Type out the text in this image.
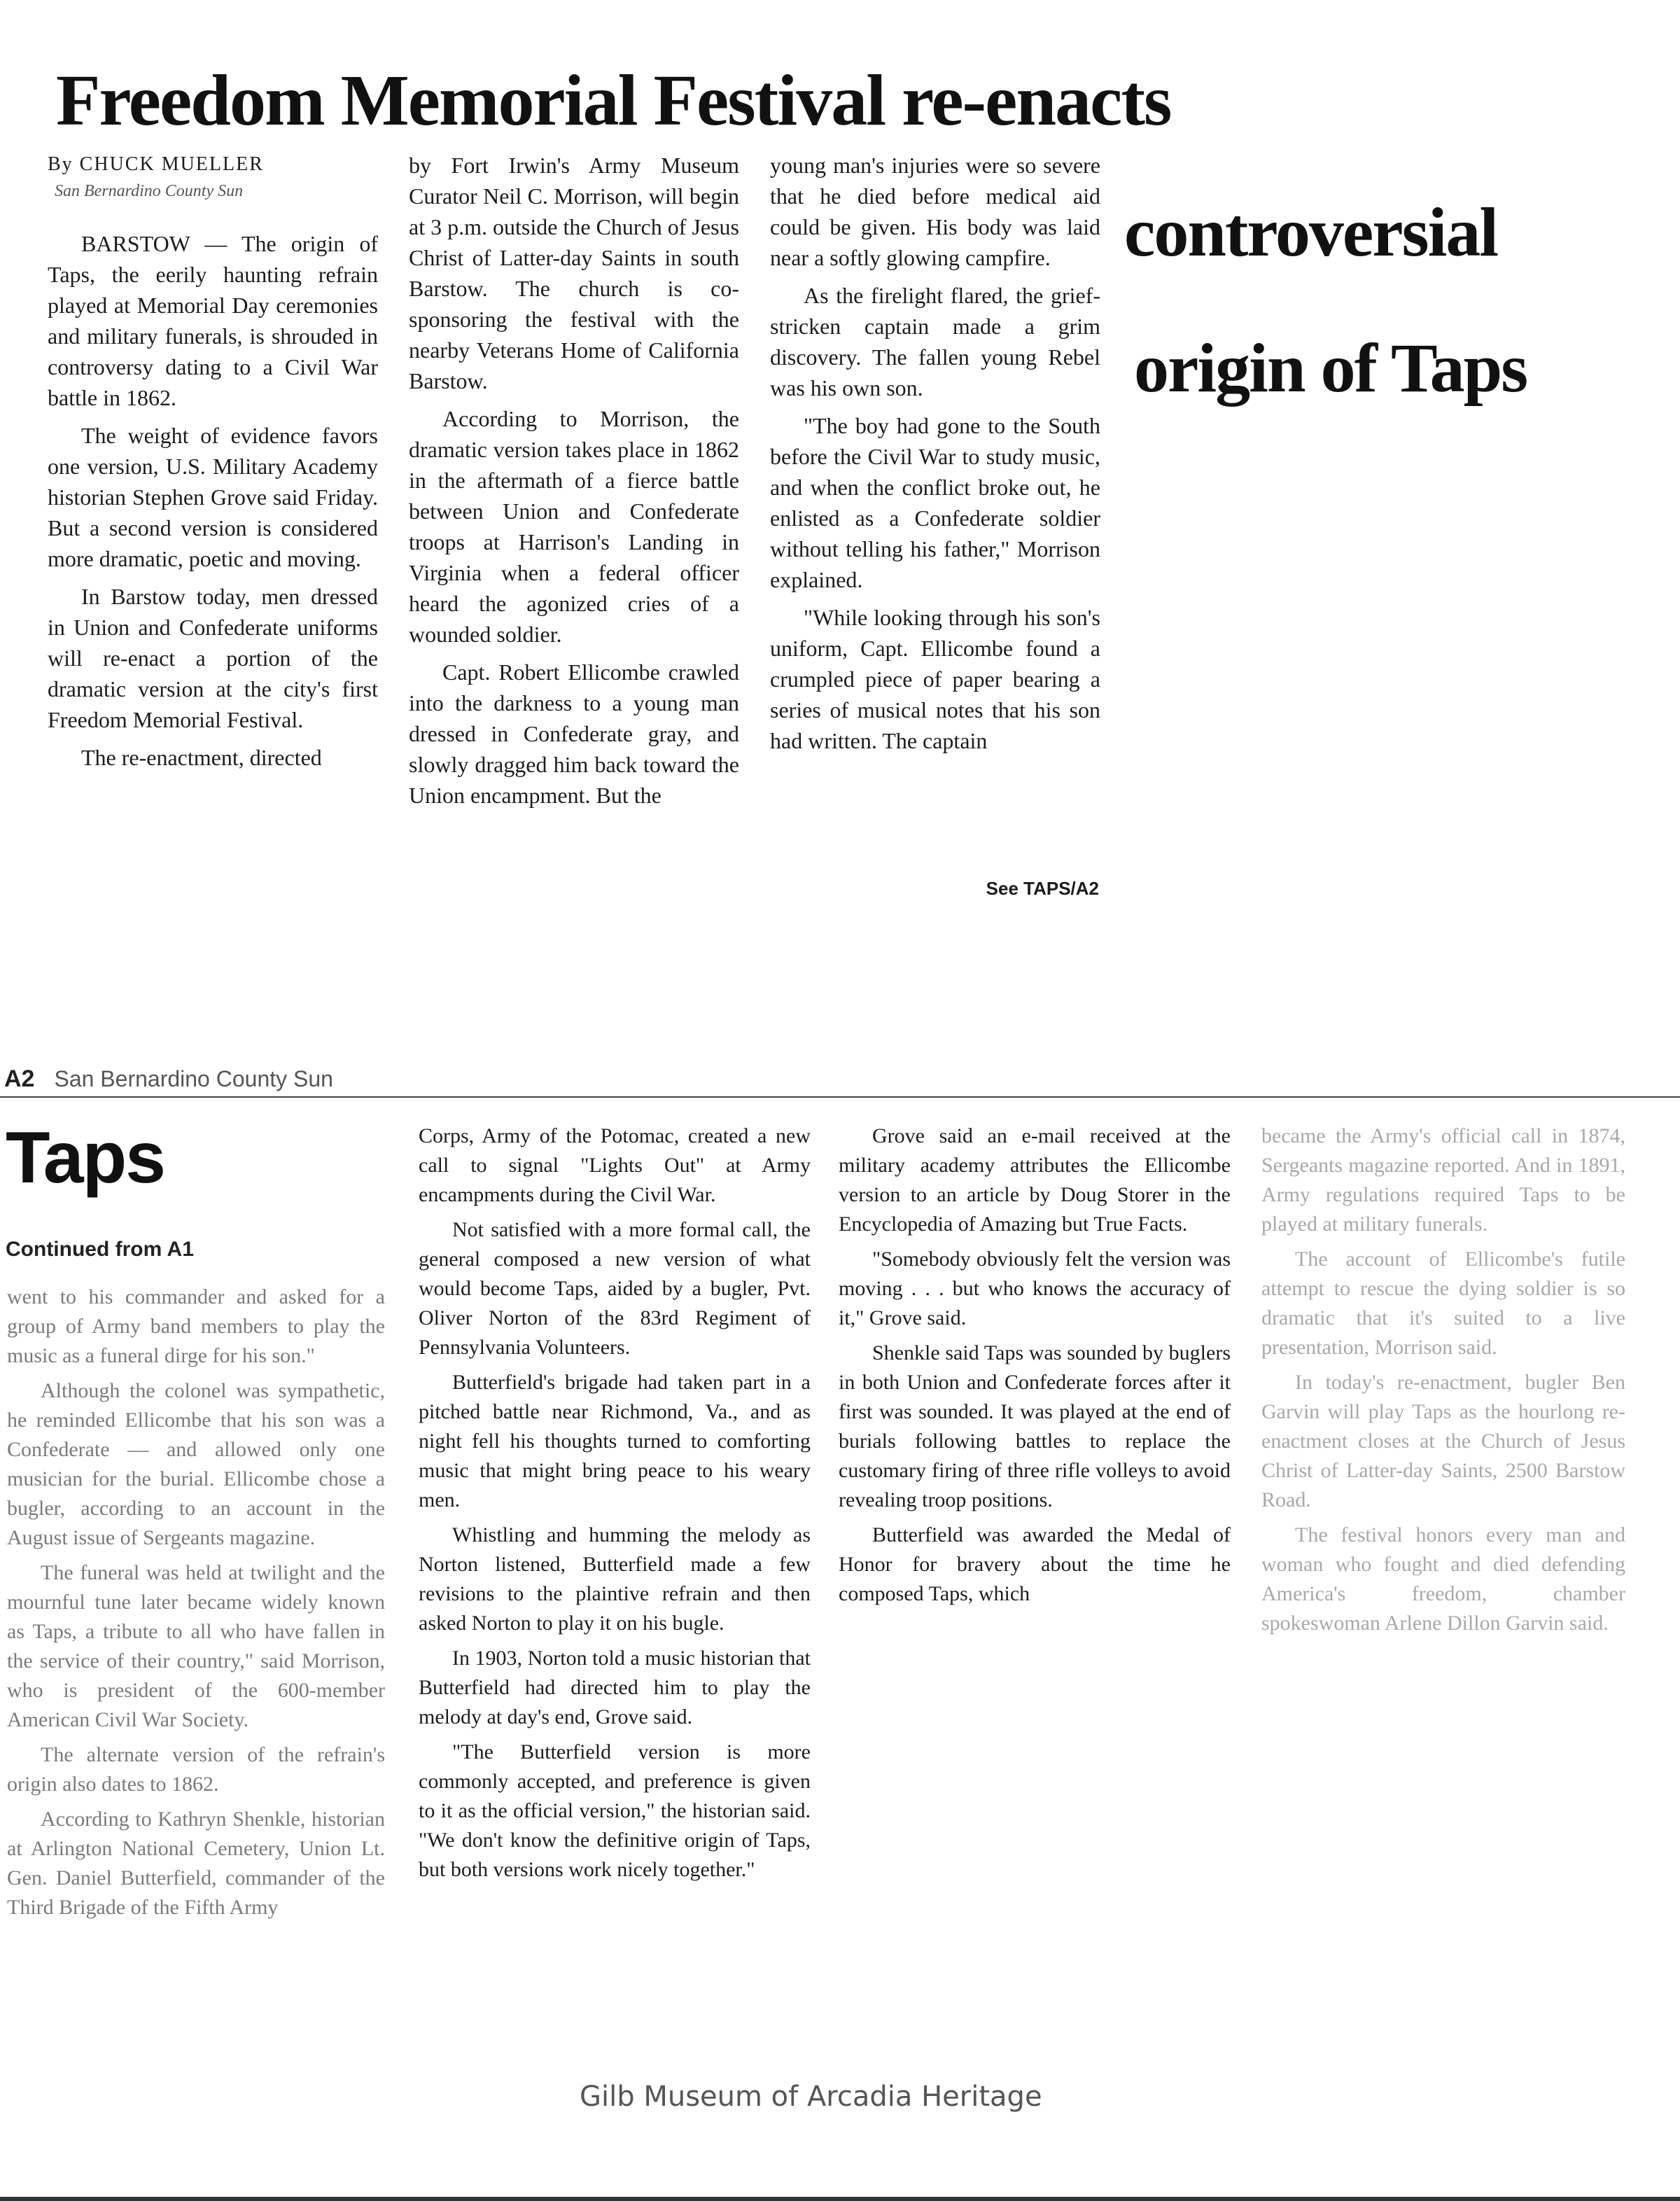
Freedom Memorial Festival re-enacts
controversial
origin of Taps
By CHUCK MUELLER
San Bernardino County Sun

BARSTOW — The origin of Taps, the eerily haunting refrain played at Memorial Day ceremonies and military funerals, is shrouded in controversy dating to a Civil War battle in 1862.

The weight of evidence favors one version, U.S. Military Academy historian Stephen Grove said Friday. But a second version is considered more dramatic, poetic and moving.

In Barstow today, men dressed in Union and Confederate uniforms will re-enact a portion of the dramatic version at the city's first Freedom Memorial Festival.

The re-enactment, directed

by Fort Irwin's Army Museum Curator Neil C. Morrison, will begin at 3 p.m. outside the Church of Jesus Christ of Latter-day Saints in south Barstow. The church is co-sponsoring the festival with the nearby Veterans Home of California Barstow.

According to Morrison, the dramatic version takes place in 1862 in the aftermath of a fierce battle between Union and Confederate troops at Harrison's Landing in Virginia when a federal officer heard the agonized cries of a wounded soldier.

Capt. Robert Ellicombe crawled into the darkness to a young man dressed in Confederate gray, and slowly dragged him back toward the Union encampment. But the

young man's injuries were so severe that he died before medical aid could be given. His body was laid near a softly glowing campfire.

As the firelight flared, the grief-stricken captain made a grim discovery. The fallen young Rebel was his own son.

"The boy had gone to the South before the Civil War to study music, and when the conflict broke out, he enlisted as a Confederate soldier without telling his father," Morrison explained.

"While looking through his son's uniform, Capt. Ellicombe found a crumpled piece of paper bearing a series of musical notes that his son had written. The captain

See TAPS/A2
A2 San Bernardino County Sun
Taps
Continued from A1

went to his commander and asked for a group of Army band members to play the music as a funeral dirge for his son."

Although the colonel was sympathetic, he reminded Ellicombe that his son was a Confederate — and allowed only one musician for the burial. Ellicombe chose a bugler, according to an account in the August issue of Sergeants magazine.

The funeral was held at twilight and the mournful tune later became widely known as Taps, a tribute to all who have fallen in the service of their country," said Morrison, who is president of the 600-member American Civil War Society.

The alternate version of the refrain's origin also dates to 1862.

According to Kathryn Shenkle, historian at Arlington National Cemetery, Union Lt. Gen. Daniel Butterfield, commander of the Third Brigade of the Fifth Army

Corps, Army of the Potomac, created a new call to signal "Lights Out" at Army encampments during the Civil War.

Not satisfied with a more formal call, the general composed a new version of what would become Taps, aided by a bugler, Pvt. Oliver Norton of the 83rd Regiment of Pennsylvania Volunteers.

Butterfield's brigade had taken part in a pitched battle near Richmond, Va., and as night fell his thoughts turned to comforting music that might bring peace to his weary men.

Whistling and humming the melody as Norton listened, Butterfield made a few revisions to the plaintive refrain and then asked Norton to play it on his bugle.

In 1903, Norton told a music historian that Butterfield had directed him to play the melody at day's end, Grove said.

"The Butterfield version is more commonly accepted, and preference is given to it as the official version," the historian said. "We don't know the definitive origin of Taps, but both versions work nicely together."

Grove said an e-mail received at the military academy attributes the Ellicombe version to an article by Doug Storer in the Encyclopedia of Amazing but True Facts.

"Somebody obviously felt the version was moving . . . but who knows the accuracy of it," Grove said.

Shenkle said Taps was sounded by buglers in both Union and Confederate forces after it first was sounded. It was played at the end of burials following battles to replace the customary firing of three rifle volleys to avoid revealing troop positions.

Butterfield was awarded the Medal of Honor for bravery about the time he composed Taps, which

became the Army's official call in 1874, Sergeants magazine reported. And in 1891, Army regulations required Taps to be played at military funerals.

The account of Ellicombe's futile attempt to rescue the dying soldier is so dramatic that it's suited to a live presentation, Morrison said.

In today's re-enactment, bugler Ben Garvin will play Taps as the hourlong re-enactment closes at the Church of Jesus Christ of Latter-day Saints, 2500 Barstow Road.

The festival honors every man and woman who fought and died defending America's freedom, chamber spokeswoman Arlene Dillon Garvin said.

Gilb Museum of Arcadia Heritage
